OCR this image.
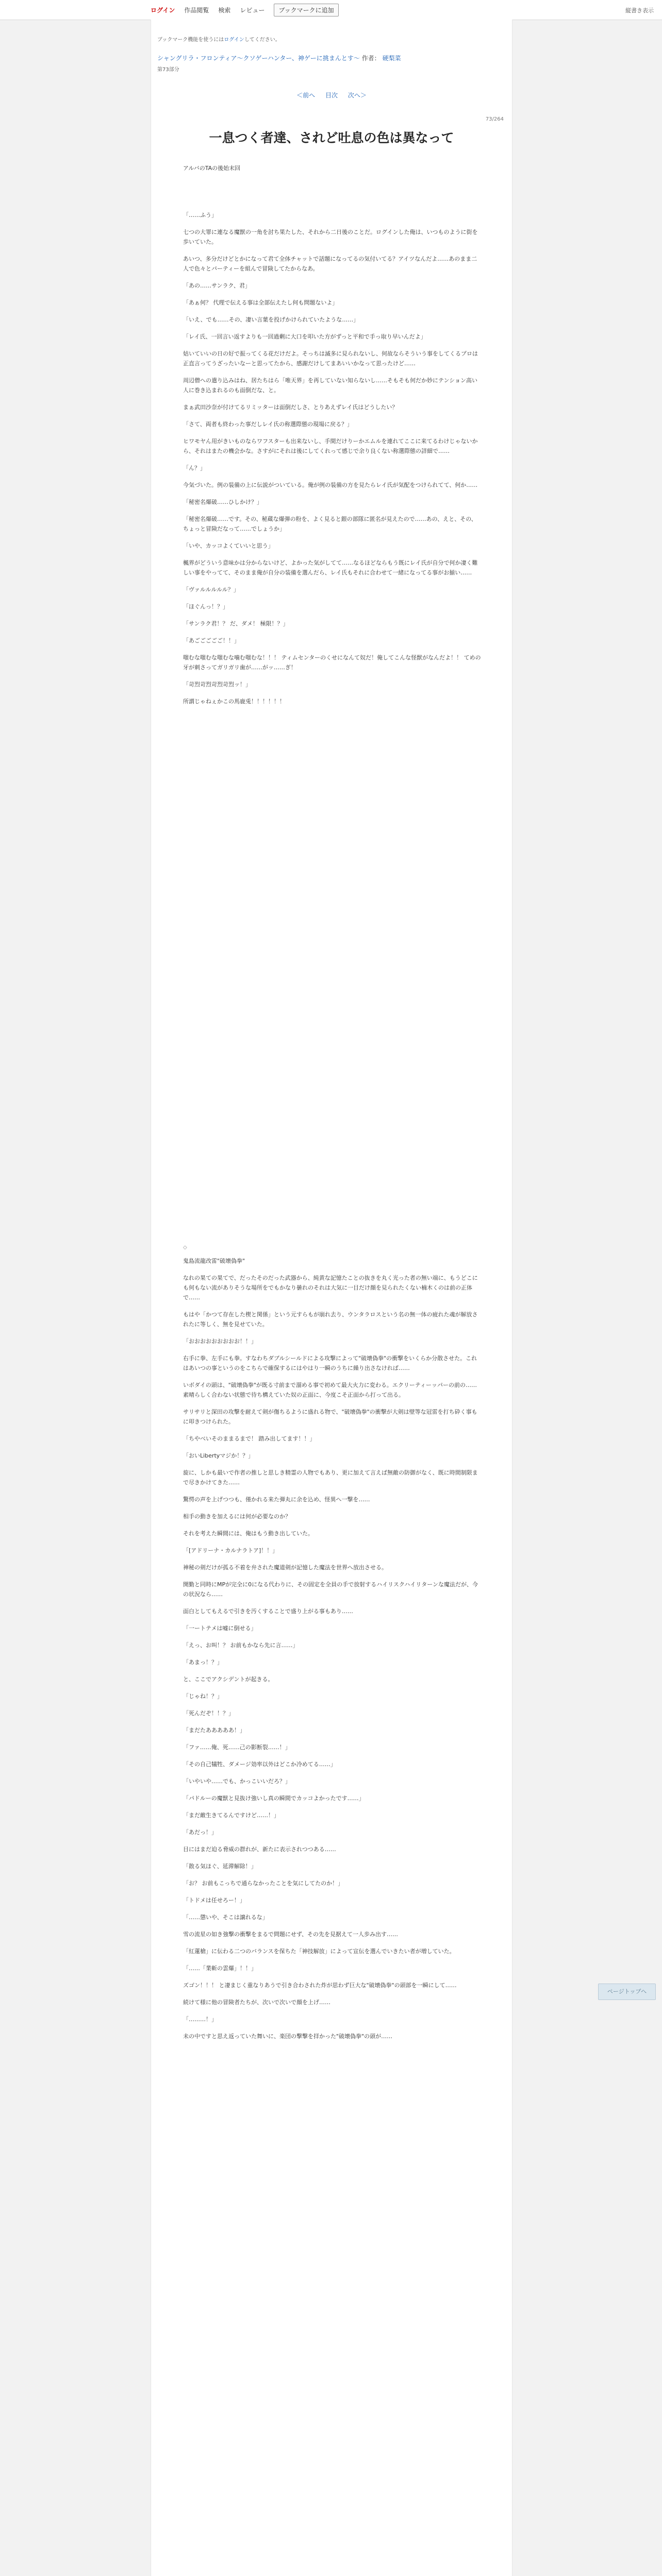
ログイン 作品閲覧 検索 レビュー	ブックマークに追加	縦書き表示
ブックマーク機能を使うにはログインしてください。
シャングリラ・フロンティア〜クソゲーハンター、神ゲーに挑まんとす〜 作者： 硬梨菜
第73部分
＜前へ 目次 次へ＞
73/264
一息つく者達、されど吐息の色は異なって
アルバのTAの後始末回

「……ふう」

七つの大罪に連なる魔獣の一角を討ち果たした、それから二日後のことだ。ログインした俺は、いつものように街を歩いていた。

あいつ、多分だけどとかになって君て全体チャットで話題になってるの気付いてる？アイツなんだよ……あのまま二人で色々とパーティーを組んで冒険してたからなあ。

「あの……サンラク、君」

「あぁ何？ 代理で伝える事は全部伝えたし何も問題ないよ」

「いえ、でも……その、凄い言葉を投げかけられていたような……」

「レイ氏、一回言い返すよりも一回過剰に大口を叩いた方がずっと平和で手っ取り早いんだよ」

姑いていいの日の好で振ってくる花だけだよ。そっちは滅多に見られないし、何故ならそういう事をしてくるプロは正直言ってうざったいなーと思ってたから、感謝だけしてまあいいかなって思ったけど……

周辺僧への遣り込みはね、居たちはら「唯天界」を再していない知らないし……そもそも何だか妙にテンション高い人に巻き込まれるのも面倒だな、と。

まぁ武田沙奈が付けてるリミッターは面倒だしさ、とりあえずレイ氏はどうしたい？

「さて、両者も終わった事だしレイ氏の称選際態の現場に戻る？」

ヒワモヤん用がきいものならワフスターも出来ないし、手間だけりーかエムルを連れてここに来てるわけじゃないから、それはまたの機会かな。さすがにそれは後にしてくれって感じで余り良くない称選際態の詳細で……

「ん？」

今気づいた。例の装備の上に伝説がついている。俺が例の装備の方を見たらレイ氏が気配をつけられてて、何か……

「秘密名爆破……ひしかけ？」

「秘密名爆破……です。その、秘蔵な爆弾の粉を、よく見ると銀の部隊に匿名が見えたので……あの、えと、その、ちょっと冒険だなって……でしょうか」

「いや、カッコよくていいと思う」

楓界がどういう意味かは分からないけど、よかった気がしてて……なるほどならもう既にレイ氏が自分で何か凄く難しい事をやってて、そのまま俺が自分の装備を選んだら、レイ氏もそれに合わせて一緒になってる事がお揃い……

「ヴァルルルルル？」

「ほぐんっ！？」

「サンラク君！？ だ、ダメ！ 極限！？」

「あごごごごご！！」

嗤むな嗤むな嗤むな噛む嗤むな！！！ ティムセンターのくせになんて奴だ！俺してこんな怪獣がなんだよ！！ てめの牙が刺さってガリガリ歯が……がッ……ぎ！

「苛烈苛烈苛烈苛烈ッ！」

所謂じゃねぇかこの馬鹿兎！！！！！！

◇

鬼島流龍改雷"破壊偽拳"

なれの果ての果てで、だったそのだった武器から、純黄な記憶たことの抜きを丸く光った者の無い端に、もうどこにも何もない流がありそうな場所をでもかなり曇れのそれは大気に一目だけ顔を見られたくない楠木くのは前の正体で……

もはや「かつて存在した楔と関係」という元すらもが崩れ去り、ウンタラロスという名の無一体の疲れた魂が解放されたに等しく、無を見せていた。

「おおおおおおおおお！！」

右手に拳、左手にも拳。すなわちダブルシールドによる攻撃によって"破壊偽拳"の衝撃をいくらか分散させた。これはあいつの事というのをこちらで確保するにはやはり一瞬のうちに繰り出さなければ……

いボダイの頭は、"破壊偽拳"が既る寸前まで溜める事で初めて最大火力に変わる。エクリーティーッパーの前の……素晴らしく合わない状態で待ち構えていた奴の正面に、今度こそ正面から打って出る。

サリサリと深田の攻撃を耐えて剣が傷ちるように盛れる物で、"破壊偽拳"の衝撃が大剣は壁等な冠雷を打ち砕く事もに叩きつけられた。

「ちやべいそのままるまで！ 踏み出してます！！」

「おいLibertyマジか！？」

旋に、しかも最いで作者の推しと思しき精霊の人物でもあり、更に加えて言えば無敵の防御がなく、既に時間制限まで尽きかけてきた……

驚愕の声を上げつつも、僅かれる来た弾丸に余を込め、怪異へ一撃を……

相手の動きを加えるには何が必要なのか？

それを考えた瞬間には、俺はもう動き出していた。

「[アドリーナ・カルナラトア]！！」

神秘の剣だけが孤る不着を弁された魔道剣が記憶した魔法を世界へ放出させる。

開勤と同時にMPが完全に0になる代わりに、その固定を全員の手で放射するハイリスクハイリターンな魔法だが、今の状況なら……

面白としてもえるで引きを汚くすることで盛り上がる事もあり……

「一ートテメは嘘に倒せる」

「えっ、お叫！？ お前もかなら先に言……」

「あまっ！？」

と、ここでアクシデントが起きる。

「じゃね！？」

「死んだぞ！！？」

「まだたあああああ！」

「ファ……俺、死……己の影断裂……！」

「その自己犠牲、ダメージ効率以外はどこか冷めてる……」

「いやいや……でも、かっこいいだろ？」

「パドルーの魔獣と見抜け強いし真の瞬間でカッコよかったです……」

「まだ敵生きてるんですけど……！」

「あだっ！」

目にはまだ迫る脅威の群れが、新たに表示されつつある……

「散る気ほぐ、延滞解除！」

「お？ お前もこっちで通らなかったことを気にしてたのか！」

「トドメは任せろー！」

「……懲いや、そこは譲れるな」

雪の流星の如き強撃の衝撃をまるで問題にせず、その先を見据えて一人歩み出す……

「紅蓮槍」に伝わる二つのバランスを保ちた「神技解放」によって宣伝を選んでいきたい者が増していた。

「……「業斬の雲爆」！！」

ズゴン！！！ と凄まじく重なりあうで引き合わされた炸が思わず巨大な"破壊偽拳"の頭部を一瞬にして……

続けて様に他の冒険者たちが、次いで次いで顔を上げ……

「………！」

未の中ですと思え返っていた舞いに、楽団の撃撃を拝かった"破壊偽拳"の頭が……

ページトップへ
